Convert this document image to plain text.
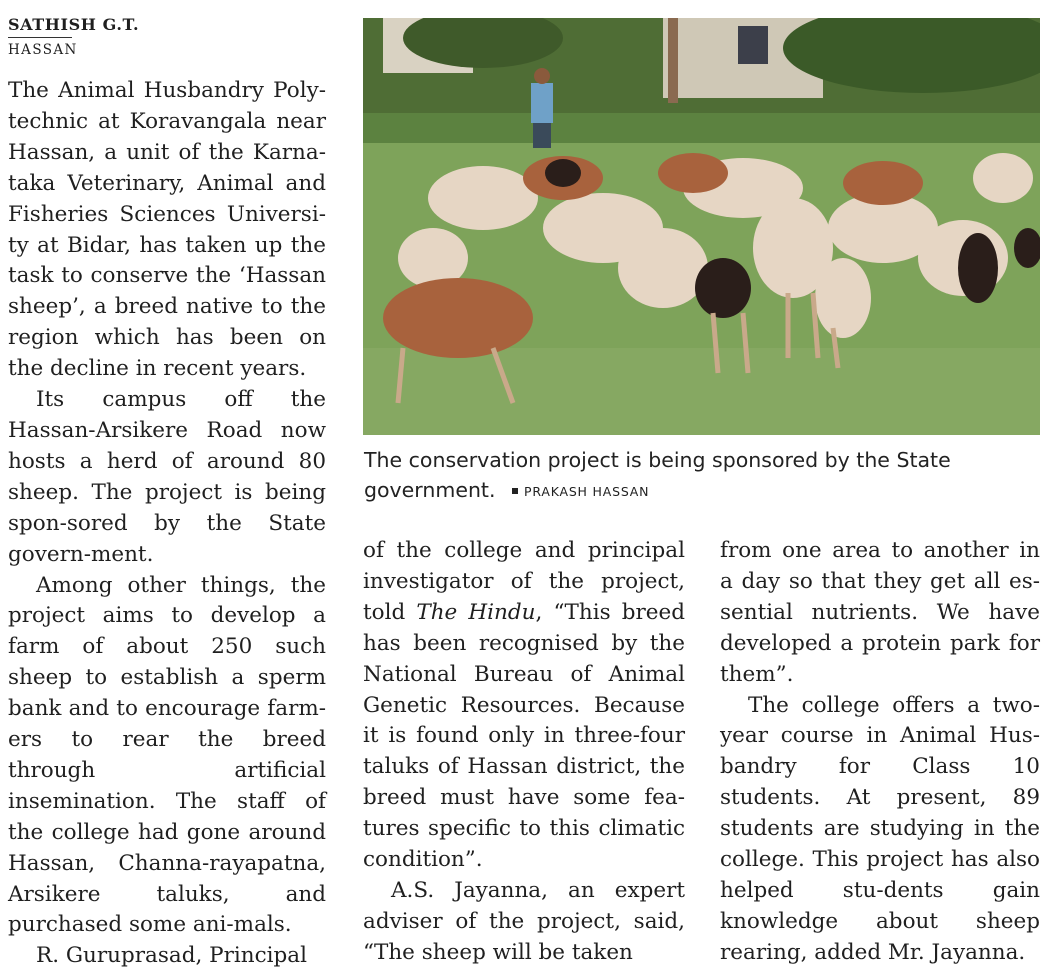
SATHISH G.T.
HASSAN

The Animal Husbandry Poly-technic at Koravangala near Hassan, a unit of the Karna-taka Veterinary, Animal and Fisheries Sciences Universi-ty at Bidar, has taken up the task to conserve the ‘Hassan sheep’, a breed native to the region which has been on the decline in recent years.

Its campus off the Hassan-Arsikere Road now hosts a herd of around 80 sheep. The project is being spon-sored by the State govern-ment.

Among other things, the project aims to develop a farm of about 250 such sheep to establish a sperm bank and to encourage farm-ers to rear the breed through artificial insemination. The staff of the college had gone around Hassan, Channa-rayapatna, Arsikere taluks, and purchased some ani-mals.

R. Guruprasad, Principal

The conservation project is being sponsored by the State
government. PRAKASH HASSAN

of the college and principal investigator of the project, told The Hindu, “This breed has been recognised by the National Bureau of Animal Genetic Resources. Because it is found only in three-four taluks of Hassan district, the breed must have some fea-tures specific to this climatic condition”.

A.S. Jayanna, an expert adviser of the project, said, “The sheep will be taken

from one area to another in a day so that they get all es-sential nutrients. We have developed a protein park for them”.

The college offers a two-year course in Animal Hus-bandry for Class 10 students. At present, 89 students are studying in the college. This project has also helped stu-dents gain knowledge about sheep rearing, added Mr. Jayanna.
